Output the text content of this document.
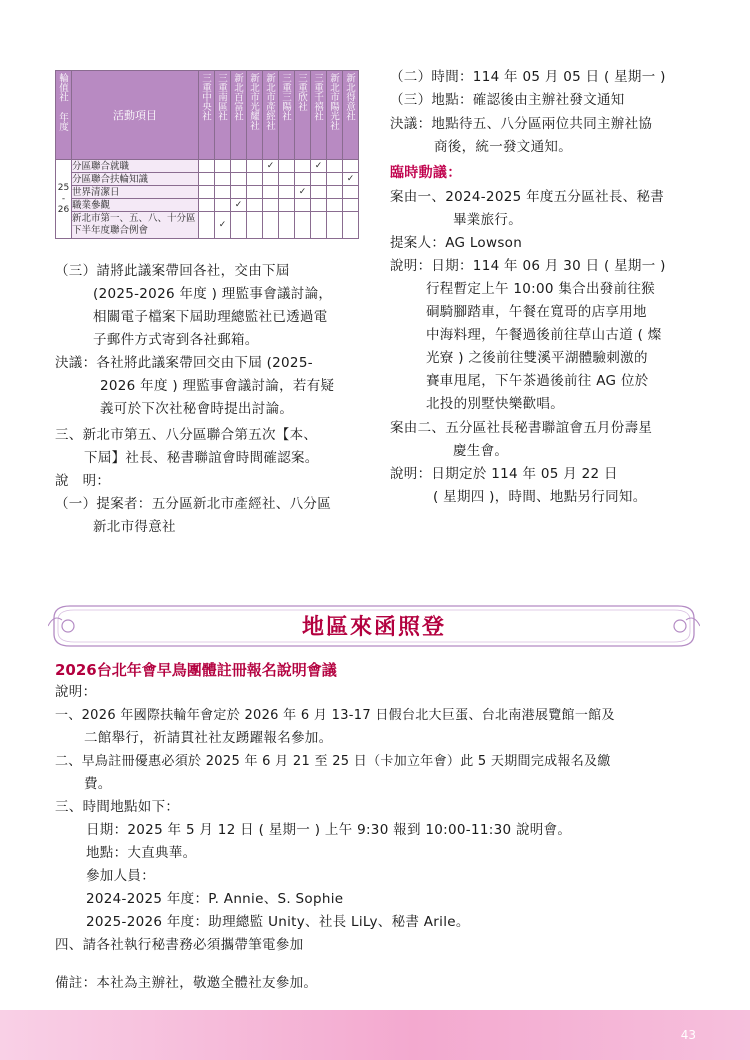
輪值社
年度	活動項目	三重中央社	三重南區社	新北百富社	新北市光耀社	新北市產經社	三重三陽社	三重欣社	三重千禧社	新北市陽光社	新北得意社

25
-
26	分區聯合就職					✓			✓		
	分區聯合扶輪知識										✓
	世界清潔日							✓			
	職業參觀			✓							
	新北市第一、五、八、十分區下半年度聯合例會		✓								
（三）請將此議案帶回各社，交由下屆
(2025-2026 年度 ) 理監事會議討論，
相關電子檔案下屆助理總監社已透過電
子郵件方式寄到各社郵箱。
決議：各社將此議案帶回交由下屆 (2025-
2026 年度 ) 理監事會議討論，若有疑
義可於下次社秘會時提出討論。
三、新北市第五、八分區聯合第五次【本、
下屆】社長、秘書聯誼會時間確認案。
說　明：
（一）提案者：五分區新北市產經社、八分區
新北市得意社
（二）時間：114 年 05 月 05 日 ( 星期一 )
（三）地點：確認後由主辦社發文通知
決議：地點待五、八分區兩位共同主辦社協
商後，統一發文通知。
臨時動議：
案由一、2024-2025 年度五分區社長、秘書
畢業旅行。
提案人：AG Lowson
說明：日期：114 年 06 月 30 日 ( 星期一 )
行程暫定上午 10:00 集合出發前往猴
硐騎腳踏車，午餐在寬哥的店享用地
中海料理，午餐過後前往草山古道 ( 燦
光寮 ) 之後前往雙溪平湖體驗刺激的
賽車甩尾，下午茶過後前往 AG 位於
北投的別墅快樂歡唱。
案由二、五分區社長秘書聯誼會五月份壽星
慶生會。
說明：日期定於 114 年 05 月 22 日
( 星期四 )，時間、地點另行同知。
地區來函照登
2026台北年會早鳥團體註冊報名說明會議
說明：
一、2026 年國際扶輪年會定於 2026 年 6 月 13-17 日假台北大巨蛋、台北南港展覽館一館及
二館舉行，祈請貫社社友踴躍報名參加。
二、早鳥註冊優惠必須於 2025 年 6 月 21 至 25 日（卡加立年會）此 5 天期間完成報名及繳
費。
三、時間地點如下：
日期：2025 年 5 月 12 日 ( 星期一 ) 上午 9:30 報到 10:00-11:30 說明會。
地點：大直典華。
參加人員：
2024-2025 年度：P. Annie、S. Sophie
2025-2026 年度：助理總監 Unity、社長 LiLy、秘書 Arile。
四、請各社執行秘書務必須攜帶筆電參加
備註：本社為主辦社，敬邀全體社友參加。
43
